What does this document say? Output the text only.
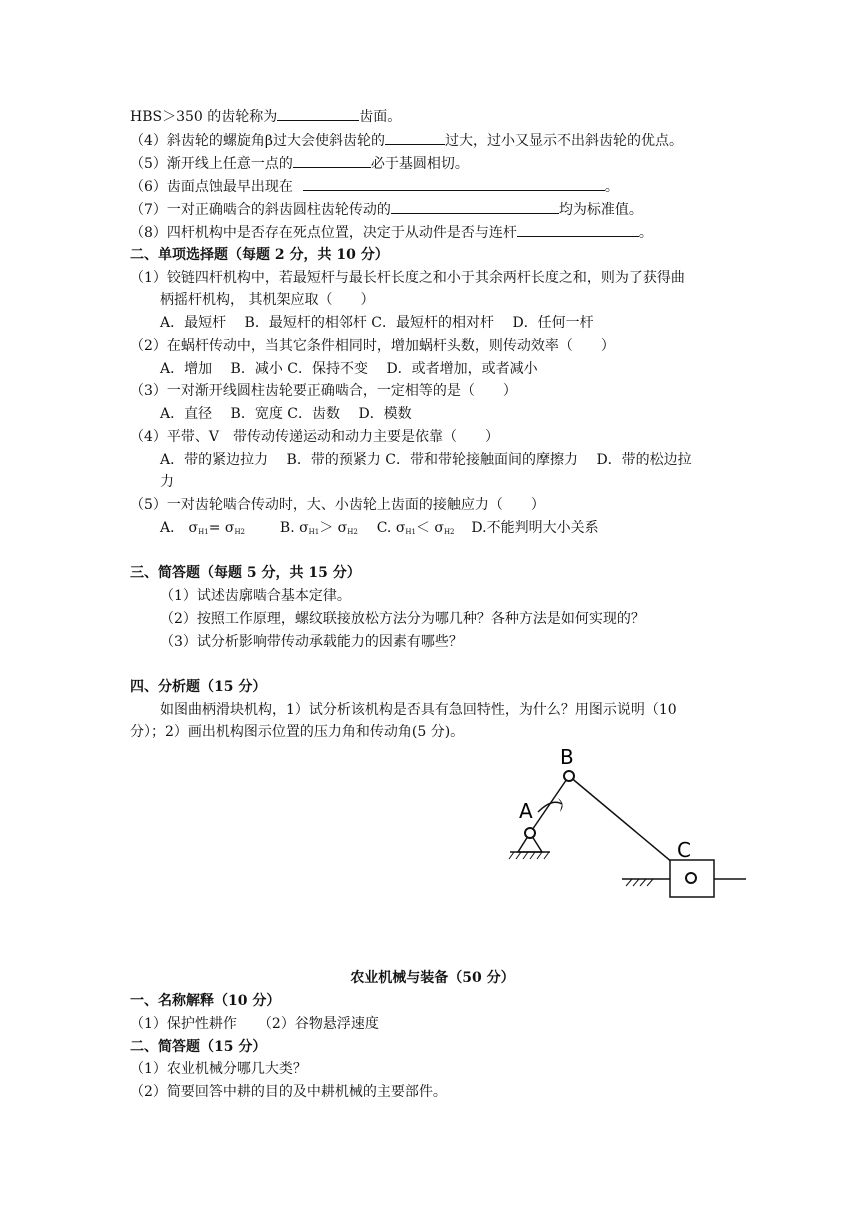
HBS＞350 的齿轮称为	齿面。
（4）斜齿轮的螺旋角β过大会使斜齿轮的	过大，过小又显示不出斜齿轮的优点。
（5）渐开线上任意一点的	必于基圆相切。
（6）齿面点蚀最早出现在	。
（7）一对正确啮合的斜齿圆柱齿轮传动的	均为标准值。
（8）四杆机构中是否存在死点位置，决定于从动件是否与连杆	。
二、单项选择题（每题 2 分，共 10 分）
（1）铰链四杆机构中，若最短杆与最长杆长度之和小于其余两杆长度之和，则为了获得曲
柄摇杆机构， 其机架应取（　　）
A．最短杆　 B．最短杆的相邻杆 C．最短杆的相对杆　 D．任何一杆
（2）在蜗杆传动中，当其它条件相同时，增加蜗杆头数，则传动效率（　　）
A．增加　 B．减小 C．保持不变　 D．或者增加，或者减小
（3）一对渐开线圆柱齿轮要正确啮合，一定相等的是（　　）
A．直径　 B．宽度 C．齿数　 D．模数
（4）平带、V　带传动传递运动和动力主要是依靠（　　）
A．带的紧边拉力　 B．带的预紧力 C．带和带轮接触面间的摩擦力　 D．带的松边拉
力
（5）一对齿轮啮合传动时，大、小齿轮上齿面的接触应力（　　）
A． $\sigma_{H1}= \sigma_{H2}$ B. $\sigma_{H1}> \sigma_{H2}$ C. $\sigma_{H1}< \sigma_{H2}$ D.不能判明大小关系
三、简答题（每题 5 分，共 15 分）
（1）试述齿廓啮合基本定律。
（2）按照工作原理，螺纹联接放松方法分为哪几种？各种方法是如何实现的？
（3）试分析影响带传动承载能力的因素有哪些？
四、分析题（15 分）
如图曲柄滑块机构，1）试分析该机构是否具有急回特性，为什么？用图示说明（10
分）；2）画出机构图示位置的压力角和传动角(5 分)。
A
B
C
农业机械与装备（50 分）
一、名称解释（10 分）
（1）保护性耕作　　（2）谷物悬浮速度
二、简答题（15 分）
（1）农业机械分哪几大类？
（2）简要回答中耕的目的及中耕机械的主要部件。
